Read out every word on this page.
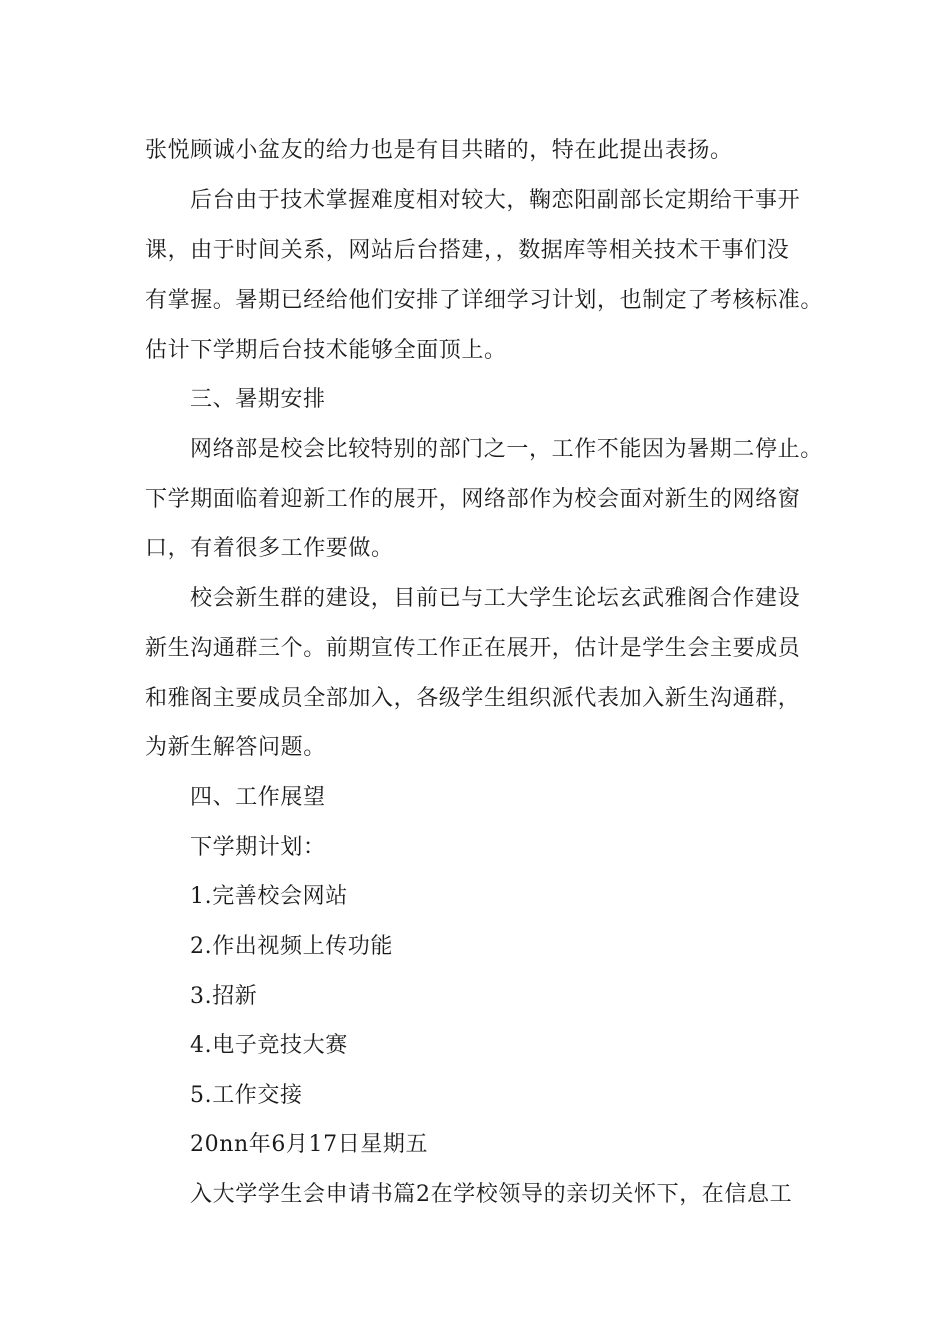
张悦顾诚小盆友的给力也是有目共睹的，特在此提出表扬。
后台由于技术掌握难度相对较大，鞠恋阳副部长定期给干事开
课，由于时间关系，网站后台搭建，，数据库等相关技术干事们没
有掌握。暑期已经给他们安排了详细学习计划，也制定了考核标准。
估计下学期后台技术能够全面顶上。
三、暑期安排
网络部是校会比较特别的部门之一，工作不能因为暑期二停止。
下学期面临着迎新工作的展开，网络部作为校会面对新生的网络窗
口，有着很多工作要做。
校会新生群的建设，目前已与工大学生论坛玄武雅阁合作建设
新生沟通群三个。前期宣传工作正在展开，估计是学生会主要成员
和雅阁主要成员全部加入，各级学生组织派代表加入新生沟通群，
为新生解答问题。
四、工作展望
下学期计划：
1.完善校会网站
2.作出视频上传功能
3.招新
4.电子竞技大赛
5.工作交接
20nn年6月17日星期五
入大学学生会申请书篇2在学校领导的亲切关怀下，在信息工
